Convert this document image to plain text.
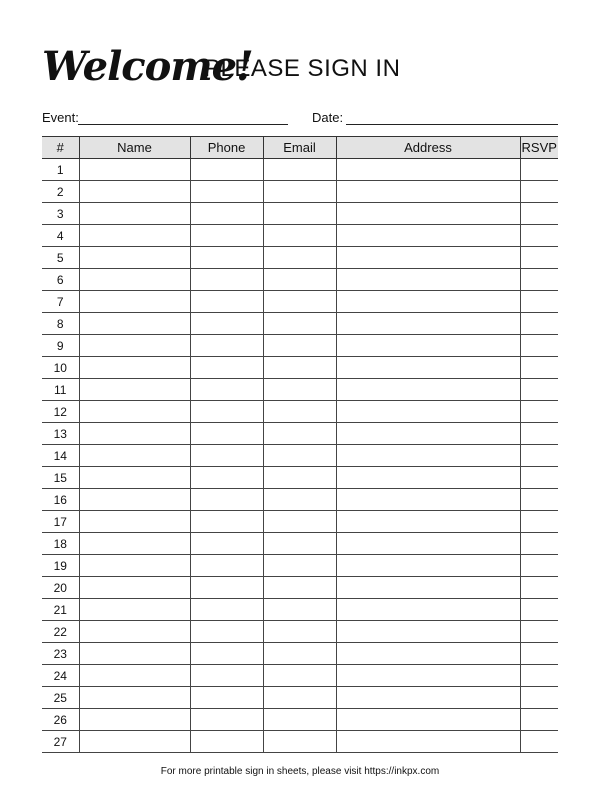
Welcome!
PLEASE SIGN IN
Event:	Date:
#	Name	Phone	Email	Address	RSVP
1					
2					
3					
4					
5					
6					
7					
8					
9					
10					
11					
12					
13					
14					
15					
16					
17					
18					
19					
20					
21					
22					
23					
24					
25					
26					
27					
For more printable sign in sheets, please visit https://inkpx.com
